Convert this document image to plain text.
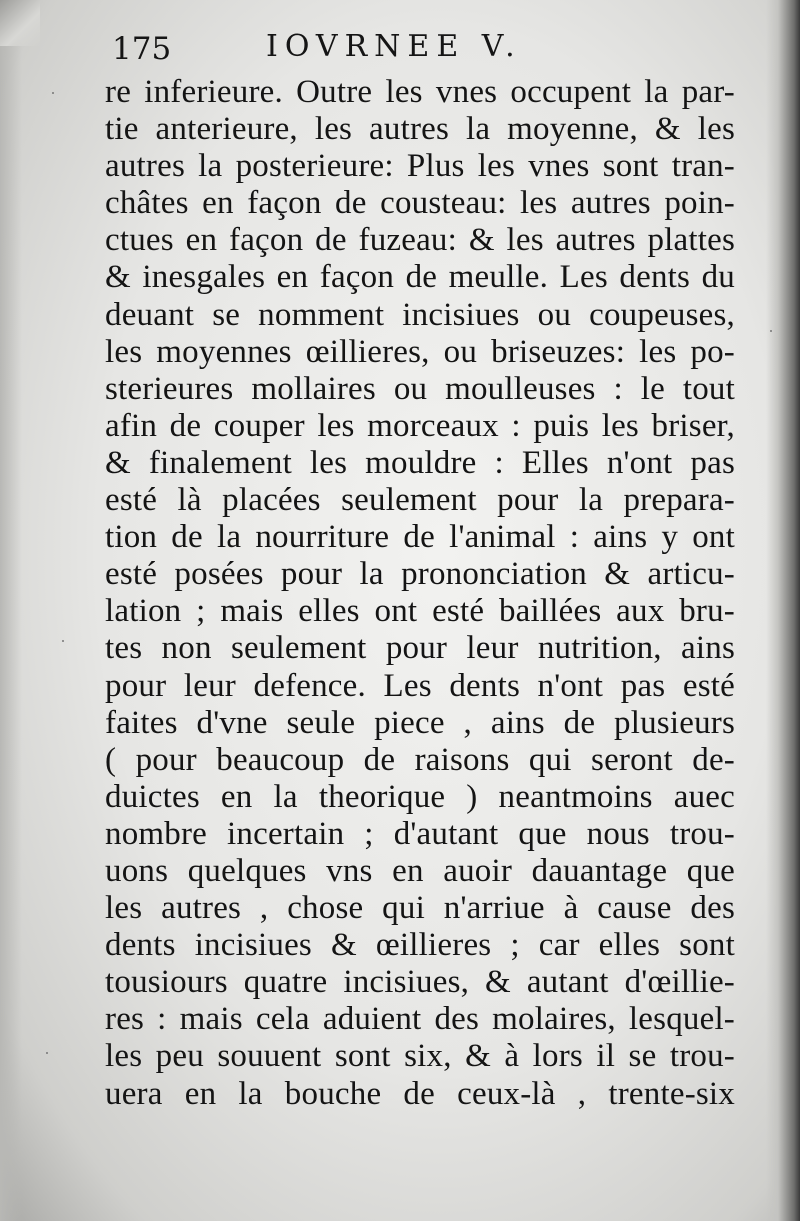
175	IOVRNEE V.
re inferieure. Outre les vnes occupent la par-
tie anterieure, les autres la moyenne, & les
autres la posterieure: Plus les vnes sont tran-
châtes en façon de cousteau: les autres poin-
ctues en façon de fuzeau: & les autres plattes
& inesgales en façon de meulle. Les dents du
deuant se nomment incisiues ou coupeuses,
les moyennes œillieres, ou briseuzes: les po-
sterieures mollaires ou moulleuses : le tout
afin de couper les morceaux : puis les briser,
& finalement les mouldre : Elles n'ont pas
esté là placées seulement pour la prepara-
tion de la nourriture de l'animal : ains y ont
esté posées pour la prononciation & articu-
lation ; mais elles ont esté baillées aux bru-
tes non seulement pour leur nutrition, ains
pour leur defence. Les dents n'ont pas esté
faites d'vne seule piece , ains de plusieurs
( pour beaucoup de raisons qui seront de-
duictes en la theorique ) neantmoins auec
nombre incertain ; d'autant que nous trou-
uons quelques vns en auoir dauantage que
les autres , chose qui n'arriue à cause des
dents incisiues & œillieres ; car elles sont
tousiours quatre incisiues, & autant d'œillie-
res : mais cela aduient des molaires, lesquel-
les peu souuent sont six, & à lors il se trou-
uera en la bouche de ceux-là , trente-six
